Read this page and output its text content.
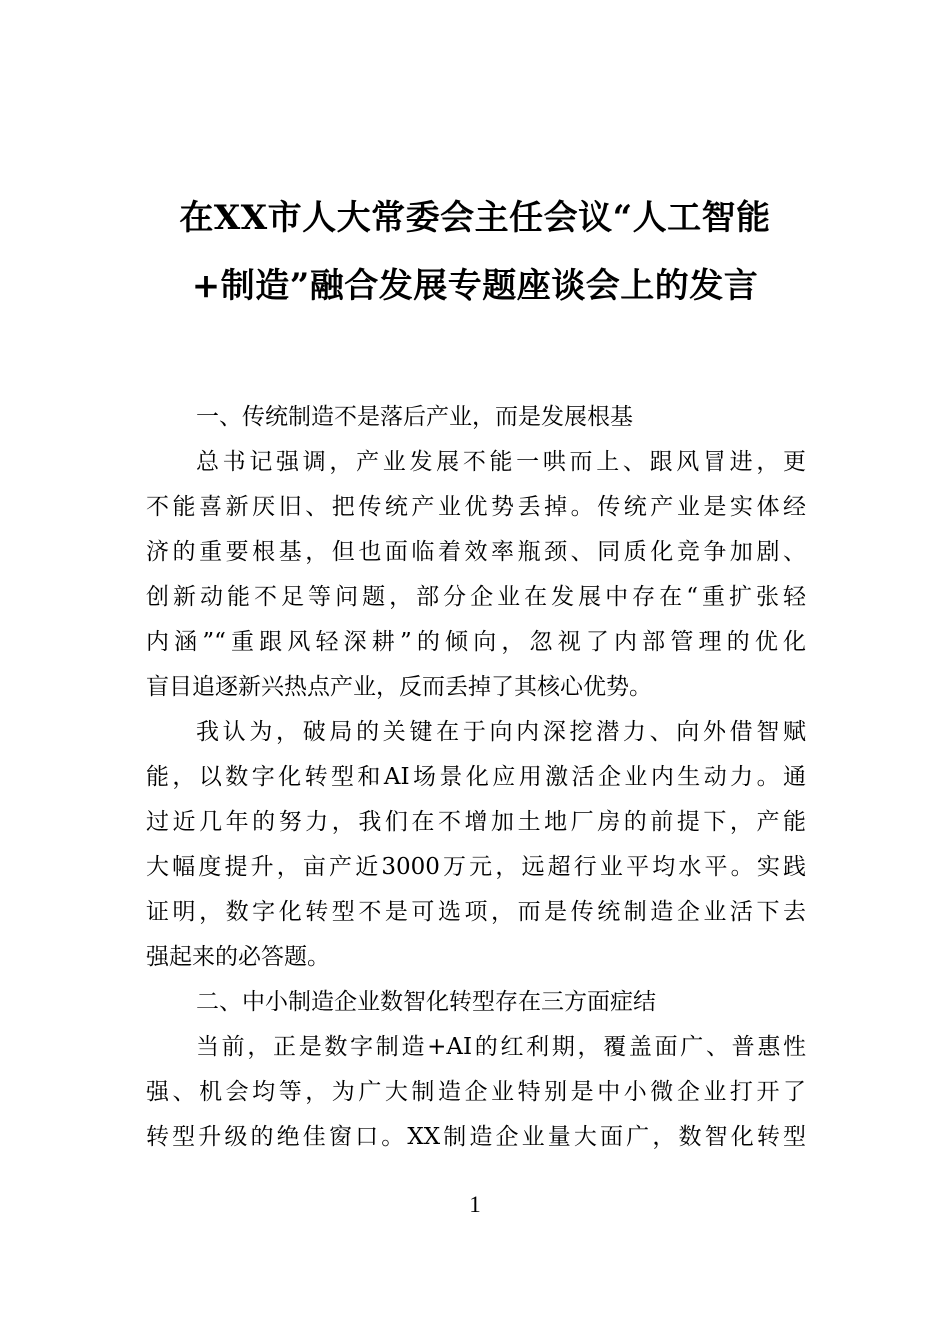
在XX市人大常委会主任会议“人工智能
+制造”融合发展专题座谈会上的发言
一、传统制造不是落后产业，而是发展根基
总书记强调，产业发展不能一哄而上、跟风冒进，更
不能喜新厌旧、把传统产业优势丢掉。传统产业是实体经
济的重要根基，但也面临着效率瓶颈、同质化竞争加剧、
创新动能不足等问题，部分企业在发展中存在“重扩张轻
内涵”“重跟风轻深耕”的倾向，忽视了内部管理的优化
盲目追逐新兴热点产业，反而丢掉了其核心优势。
我认为，破局的关键在于向内深挖潜力、向外借智赋
能，以数字化转型和AI场景化应用激活企业内生动力。通
过近几年的努力，我们在不增加土地厂房的前提下，产能
大幅度提升，亩产近3000万元，远超行业平均水平。实践
证明，数字化转型不是可选项，而是传统制造企业活下去
强起来的必答题。
二、中小制造企业数智化转型存在三方面症结
当前，正是数字制造+AI的红利期，覆盖面广、普惠性
强、机会均等，为广大制造企业特别是中小微企业打开了
转型升级的绝佳窗口。XX制造企业量大面广，数智化转型
1
